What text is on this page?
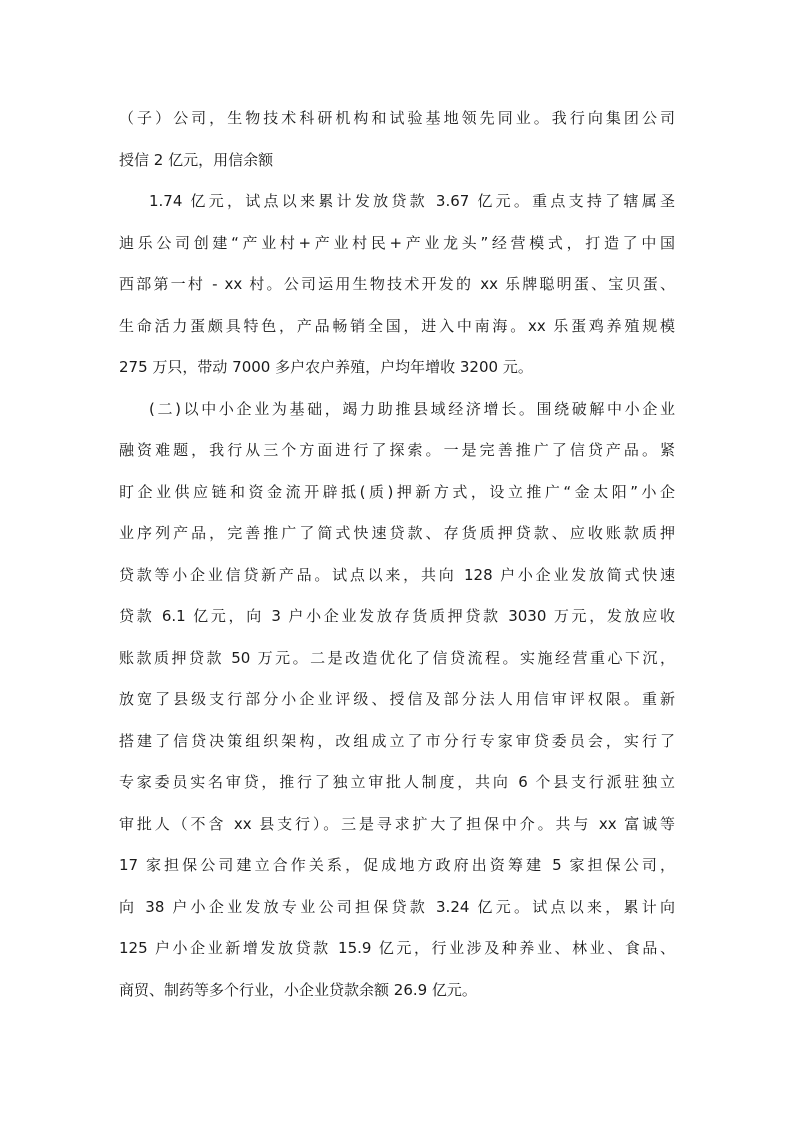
（子）公司，生物技术科研机构和试验基地领先同业。我行向集团公司
授信 2 亿元，用信余额
1.74 亿元，试点以来累计发放贷款 3.67 亿元。重点支持了辖属圣
迪乐公司创建“产业村+产业村民+产业龙头”经营模式，打造了中国
西部第一村 - xx 村。公司运用生物技术开发的 xx 乐牌聪明蛋、宝贝蛋、
生命活力蛋颇具特色，产品畅销全国，进入中南海。xx 乐蛋鸡养殖规模
275 万只，带动 7000 多户农户养殖，户均年增收 3200 元。
(二)以中小企业为基础，竭力助推县域经济增长。围绕破解中小企业
融资难题，我行从三个方面进行了探索。一是完善推广了信贷产品。紧
盯企业供应链和资金流开辟抵(质)押新方式，设立推广“金太阳”小企
业序列产品，完善推广了简式快速贷款、存货质押贷款、应收账款质押
贷款等小企业信贷新产品。试点以来，共向 128 户小企业发放简式快速
贷款 6.1 亿元，向 3 户小企业发放存货质押贷款 3030 万元，发放应收
账款质押贷款 50 万元。二是改造优化了信贷流程。实施经营重心下沉，
放宽了县级支行部分小企业评级、授信及部分法人用信审评权限。重新
搭建了信贷决策组织架构，改组成立了市分行专家审贷委员会，实行了
专家委员实名审贷，推行了独立审批人制度，共向 6 个县支行派驻独立
审批人（不含 xx 县支行）。三是寻求扩大了担保中介。共与 xx 富诚等
17 家担保公司建立合作关系，促成地方政府出资筹建 5 家担保公司，
向 38 户小企业发放专业公司担保贷款 3.24 亿元。试点以来，累计向
125 户小企业新增发放贷款 15.9 亿元，行业涉及种养业、林业、食品、
商贸、制药等多个行业，小企业贷款余额 26.9 亿元。
